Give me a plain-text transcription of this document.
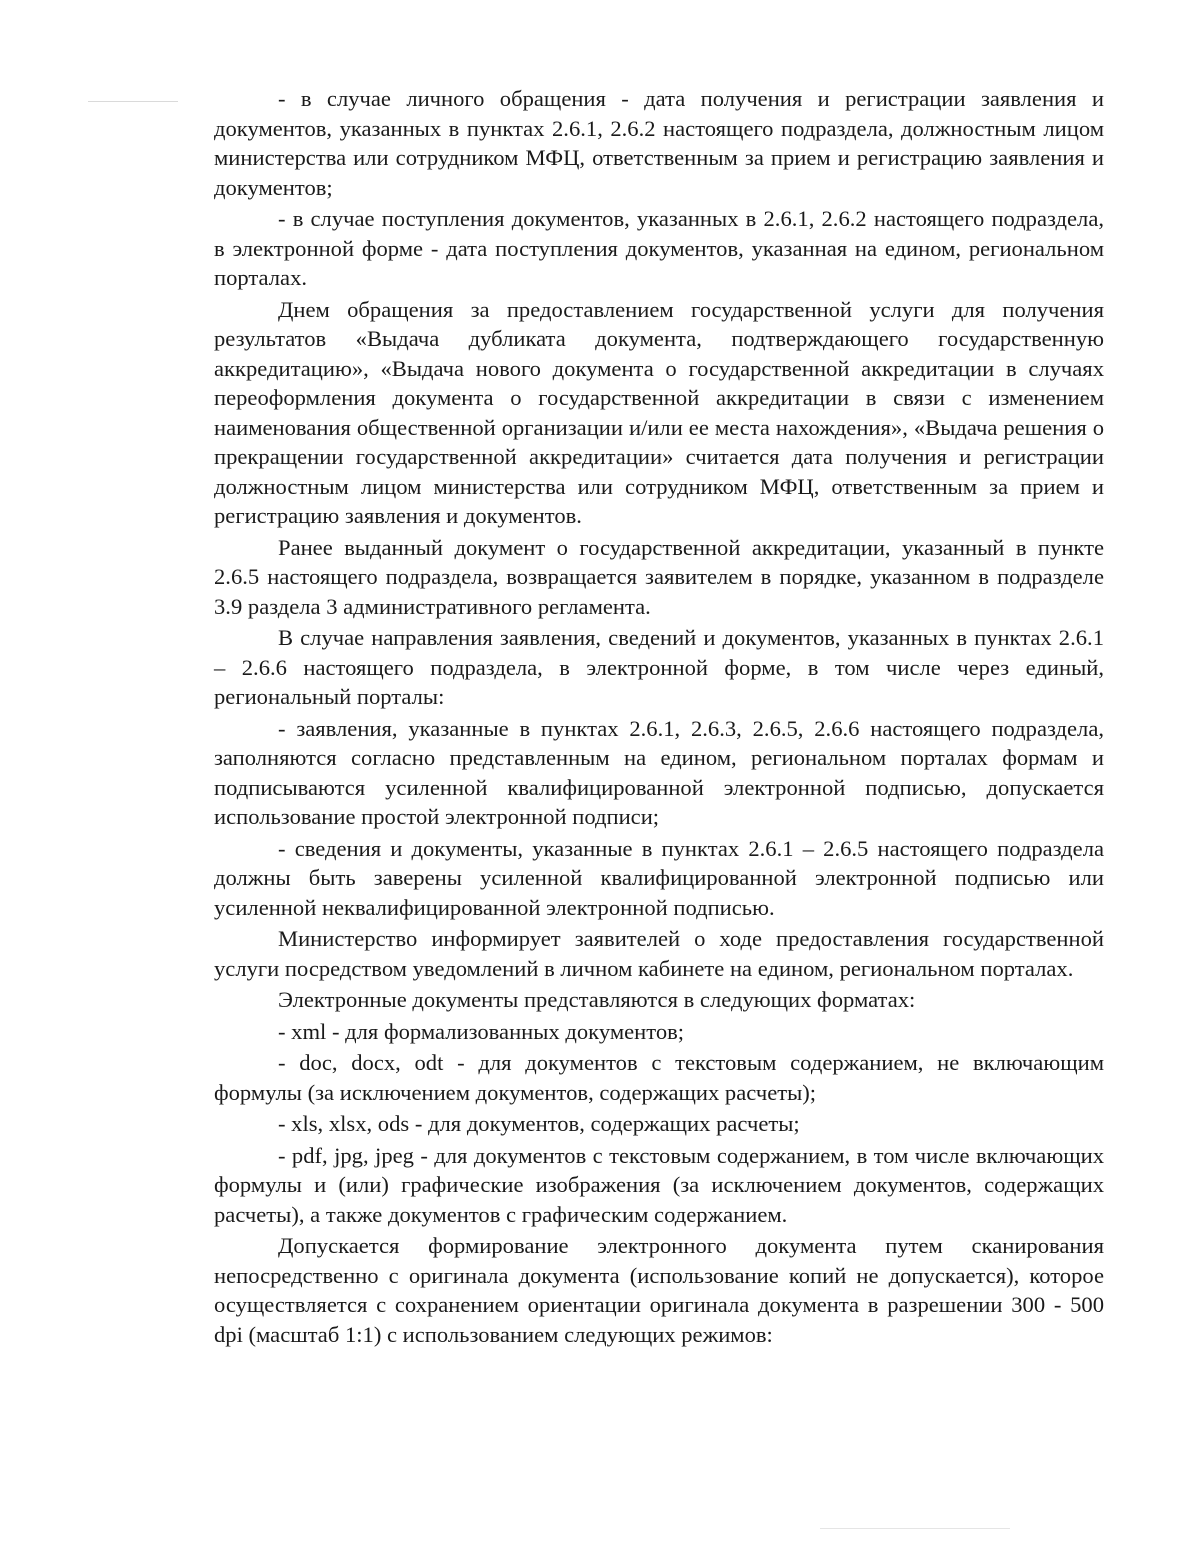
- в случае личного обращения - дата получения и регистрации заявления и документов, указанных в пунктах 2.6.1, 2.6.2 настоящего подраздела, должностным лицом министерства или сотрудником МФЦ, ответственным за прием и регистрацию заявления и документов;

- в случае поступления документов, указанных в 2.6.1, 2.6.2 настоящего подраздела, в электронной форме - дата поступления документов, указанная на едином, региональном порталах.

Днем обращения за предоставлением государственной услуги для получения результатов «Выдача дубликата документа, подтверждающего государственную аккредитацию», «Выдача нового документа о государственной аккредитации в случаях переоформления документа о государственной аккредитации в связи с изменением наименования общественной организации и/или ее места нахождения», «Выдача решения о прекращении государственной аккредитации» считается дата получения и регистрации должностным лицом министерства или сотрудником МФЦ, ответственным за прием и регистрацию заявления и документов.

Ранее выданный документ о государственной аккредитации, указанный в пункте 2.6.5 настоящего подраздела, возвращается заявителем в порядке, указанном в подразделе 3.9 раздела 3 административного регламента.

В случае направления заявления, сведений и документов, указанных в пунктах 2.6.1 – 2.6.6 настоящего подраздела, в электронной форме, в том числе через единый, региональный порталы:

- заявления, указанные в пунктах 2.6.1, 2.6.3, 2.6.5, 2.6.6 настоящего подраздела, заполняются согласно представленным на едином, региональном порталах формам и подписываются усиленной квалифицированной электронной подписью, допускается использование простой электронной подписи;

- сведения и документы, указанные в пунктах 2.6.1 – 2.6.5 настоящего подраздела должны быть заверены усиленной квалифицированной электронной подписью или усиленной неквалифицированной электронной подписью.

Министерство информирует заявителей о ходе предоставления государственной услуги посредством уведомлений в личном кабинете на едином, региональном порталах.

Электронные документы представляются в следующих форматах:

- xml - для формализованных документов;

- doc, docx, odt - для документов с текстовым содержанием, не включающим формулы (за исключением документов, содержащих расчеты);

- xls, xlsx, ods - для документов, содержащих расчеты;

- pdf, jpg, jpeg - для документов с текстовым содержанием, в том числе включающих формулы и (или) графические изображения (за исключением документов, содержащих расчеты), а также документов с графическим содержанием.

Допускается формирование электронного документа путем сканирования непосредственно с оригинала документа (использование копий не допускается), которое осуществляется с сохранением ориентации оригинала документа в разрешении 300 - 500 dpi (масштаб 1:1) с использованием следующих режимов:
